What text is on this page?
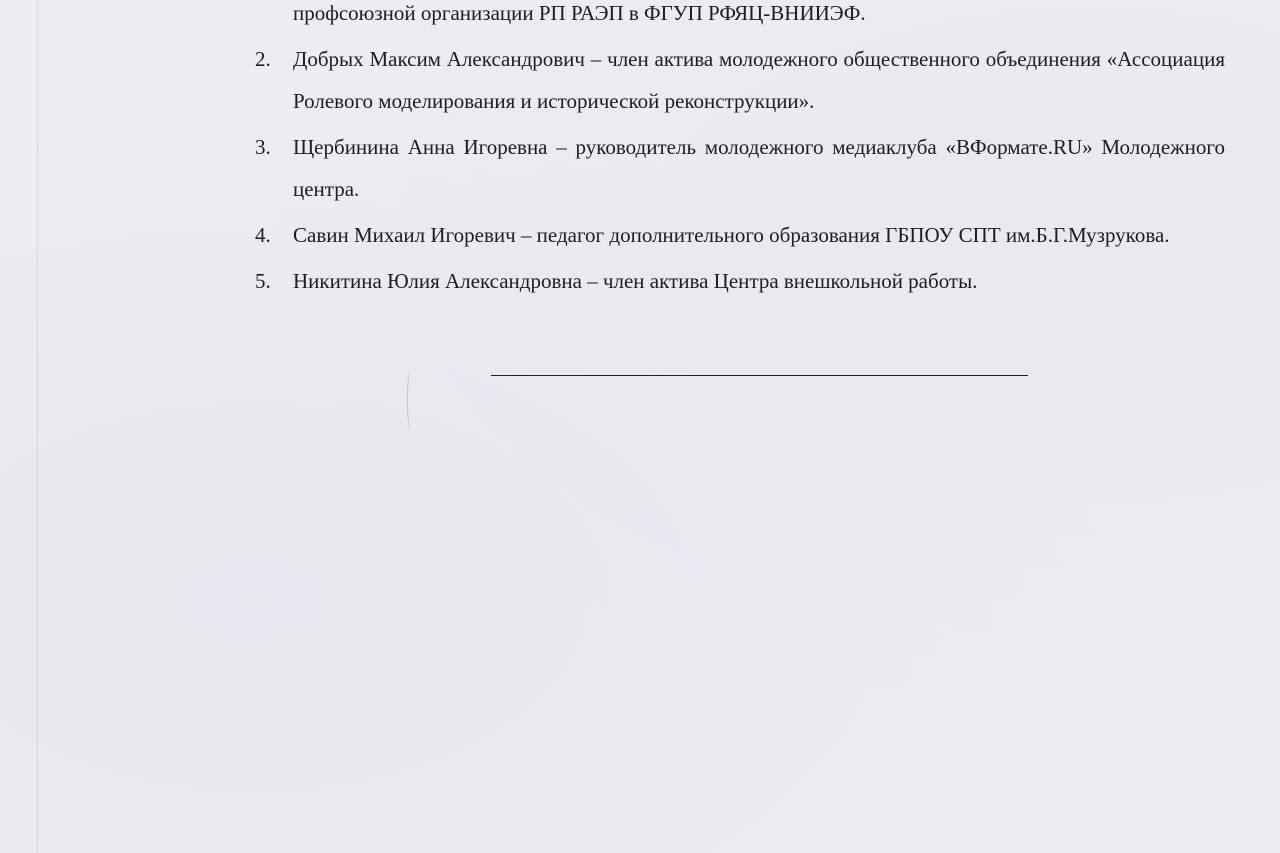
профсоюзной организации РП РАЭП в ФГУП РФЯЦ-ВНИИЭФ.
2. Добрых Максим Александрович – член актива молодежного общественного объединения «Ассоциация Ролевого моделирования и исторической реконструкции».
3. Щербинина Анна Игоревна – руководитель молодежного медиаклуба «ВФормате.RU» Молодежного центра.
4. Савин Михаил Игоревич – педагог дополнительного образования ГБПОУ СПТ им.Б.Г.Музрукова.
5. Никитина Юлия Александровна – член актива Центра внешкольной работы.
